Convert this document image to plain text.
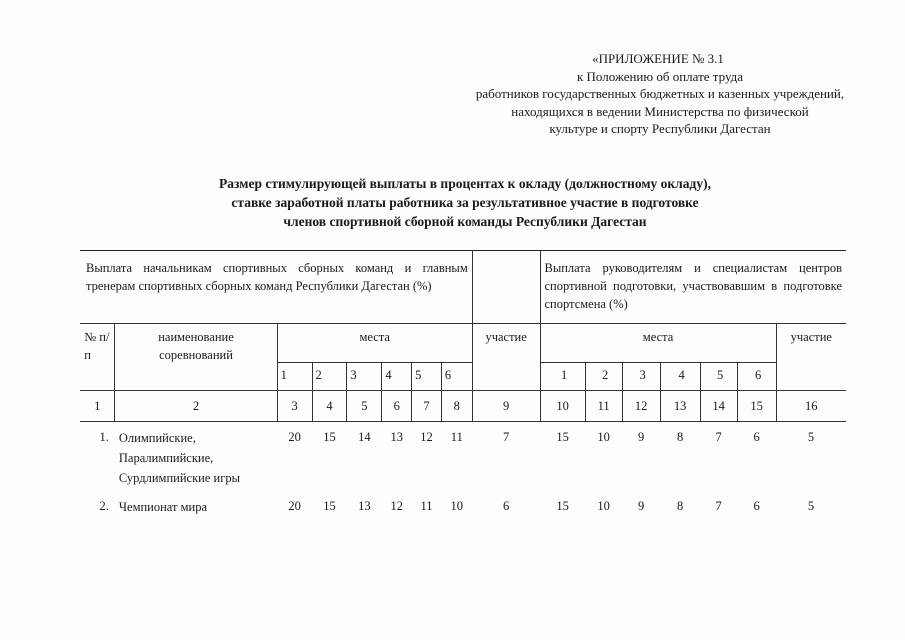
«ПРИЛОЖЕНИЕ № 3.1
к Положению об оплате труда
работников государственных бюджетных и казенных учреждений,
находящихся в ведении Министерства по физической
культуре и спорту Республики Дагестан
Размер стимулирующей выплаты в процентах к окладу (должностному окладу),
ставке заработной платы работника за результативное участие в подготовке
членов спортивной сборной команды Республики Дагестан
Выплата начальникам спортивных сборных команд и главным тренерам спортивных сборных команд Республики Дагестан (%)									Выплата руководителям и специалистам центров спортивной подготовки, участвовавшим в подготовке спортсмена (%)						

№ п/п	наименование соревнований	места						участие	места						участие
		1	2	3	4	5	6		1	2	3	4	5	6	
1	2	3	4	5	6	7	8	9	10	11	12	13	14	15	16
1.	Олимпийские, Паралимпийские, Сурдлимпийские игры	20	15	14	13	12	11	7	15	10	9	8	7	6	5
2.	Чемпионат мира	20	15	13	12	11	10	6	15	10	9	8	7	6	5
